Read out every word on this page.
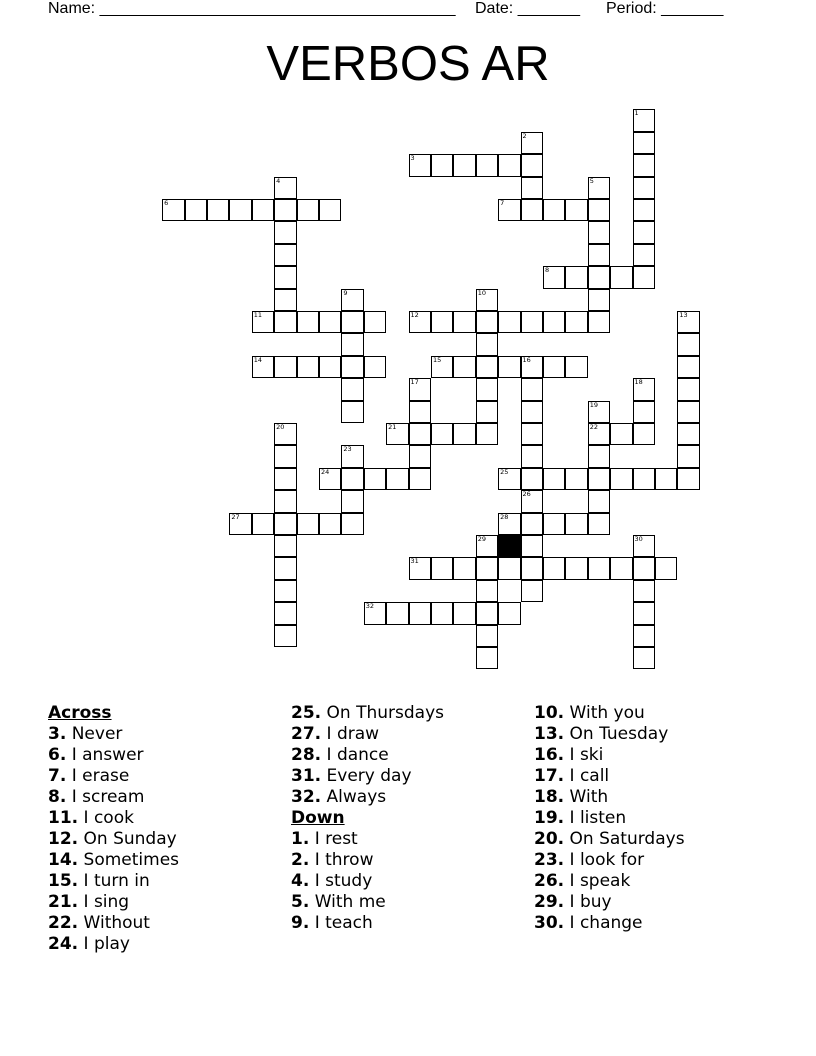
Name: ________________________________________ Date: _______ Period: _______
VERBOS AR
3
6	7
8
11	12
14	15	16
21	22
24	25
27	28
31
32
1
2
4	5
9	10
13
17	18
19
20
23
26
29	30
Across
3. Never
6. I answer
7. I erase
8. I scream
11. I cook
12. On Sunday
14. Sometimes
15. I turn in
21. I sing
22. Without
24. I play
25. On Thursdays
27. I draw
28. I dance
31. Every day
32. Always
Down
1. I rest
2. I throw
4. I study
5. With me
9. I teach
10. With you
13. On Tuesday
16. I ski
17. I call
18. With
19. I listen
20. On Saturdays
23. I look for
26. I speak
29. I buy
30. I change
